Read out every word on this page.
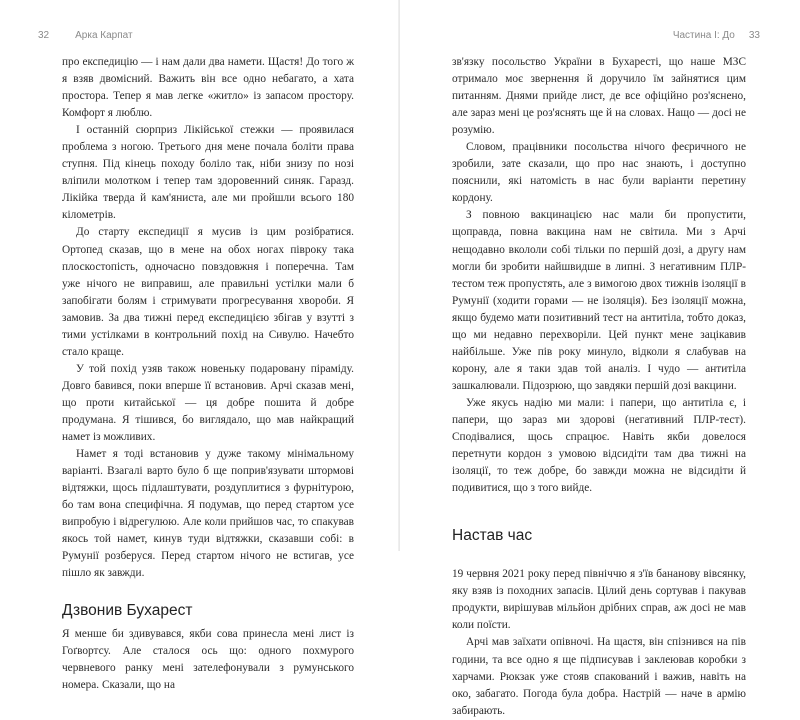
32	Арка Карпат

про експедицію — і нам дали два намети. Щастя! До того ж я взяв двомісний. Важить він все одно небагато, а хата простора. Тепер я мав легке «житло» із запасом простору. Комфорт я люблю.

І останній сюрприз Лікійської стежки — проявилася проблема з ногою. Третього дня мене почала боліти права ступня. Під кінець походу боліло так, ніби знизу по нозі вліпили молотком і тепер там здоровенний синяк. Гаразд. Лікійка тверда й кам'яниста, але ми пройшли всього 180 кілометрів.

До старту експедиції я мусив із цим розібратися. Ортопед сказав, що в мене на обох ногах півроку така плоскостопість, одночасно повздовжня і поперечна. Там уже нічого не виправиш, але правильні устілки мали б запобігати болям і стримувати прогресування хвороби. Я замовив. За два тижні перед експедицією збігав у взутті з тими устілками в контрольний похід на Сивулю. Начебто стало краще.

У той похід узяв також новеньку подаровану піраміду. Довго бавився, поки вперше її встановив. Арчі сказав мені, що проти китайської — ця добре пошита й добре продумана. Я тішився, бо виглядало, що мав найкращий намет із можливих.

Намет я тоді встановив у дуже такому мінімальному варіанті. Взагалі варто було б ще поприв'язувати штормові відтяжки, щось підлаштувати, роздуплитися з фурнітурою, бо там вона специфічна. Я подумав, що перед стартом усе випробую і відрегулюю. Але коли прийшов час, то спакував якось той намет, кинув туди відтяжки, сказавши собі: в Румунії розберуся. Перед стартом нічого не встигав, усе пішло як завжди.

Дзвонив Бухарест

Я менше би здивувався, якби сова принесла мені лист із Гоґвортсу. Але сталося ось що: одного похмурого червневого ранку мені зателефонували з румунського номера. Сказали, що на

Частина І: До 33

зв'язку посольство України в Бухаресті, що наше МЗС отримало моє звернення й доручило їм зайнятися цим питанням. Днями прийде лист, де все офіційно роз'яснено, але зараз мені це роз'яснять ще й на словах. Нащо — досі не розумію.

Словом, працівники посольства нічого феєричного не зробили, зате сказали, що про нас знають, і доступно пояснили, які натомість в нас були варіанти перетину кордону.

З повною вакцинацією нас мали би пропустити, щоправда, повна вакцина нам не світила. Ми з Арчі нещодавно вкололи собі тільки по першій дозі, а другу нам могли би зробити найшвидше в липні. З негативним ПЛР-тестом теж пропустять, але з вимогою двох тижнів ізоляції в Румунії (ходити горами — не ізоляція). Без ізоляції можна, якщо будемо мати позитивний тест на антитіла, тобто доказ, що ми недавно перехворіли. Цей пункт мене зацікавив найбільше. Уже пів року минуло, відколи я слабував на корону, але я таки здав той аналіз. І чудо — антитіла зашкалювали. Підозрюю, що завдяки першій дозі вакцини.

Уже якусь надію ми мали: і папери, що антитіла є, і папери, що зараз ми здорові (негативний ПЛР-тест). Сподівалися, щось спрацює. Навіть якби довелося перетнути кордон з умовою відсидіти там два тижні на ізоляції, то теж добре, бо завжди можна не відсидіти й подивитися, що з того вийде.

Настав час

19 червня 2021 року перед північчю я з'їв бананову вівсянку, яку взяв із походних запасів. Цілий день сортував і пакував продукти, вирішував мільйон дрібних справ, аж досі не мав коли поїсти.

Арчі мав заїхати опівночі. На щастя, він спізнився на пів години, та все одно я ще підписував і заклеював коробки з харчами. Рюкзак уже стояв спакований і важив, навіть на око, забагато. Погода була добра. Настрій — наче в армію забирають.
